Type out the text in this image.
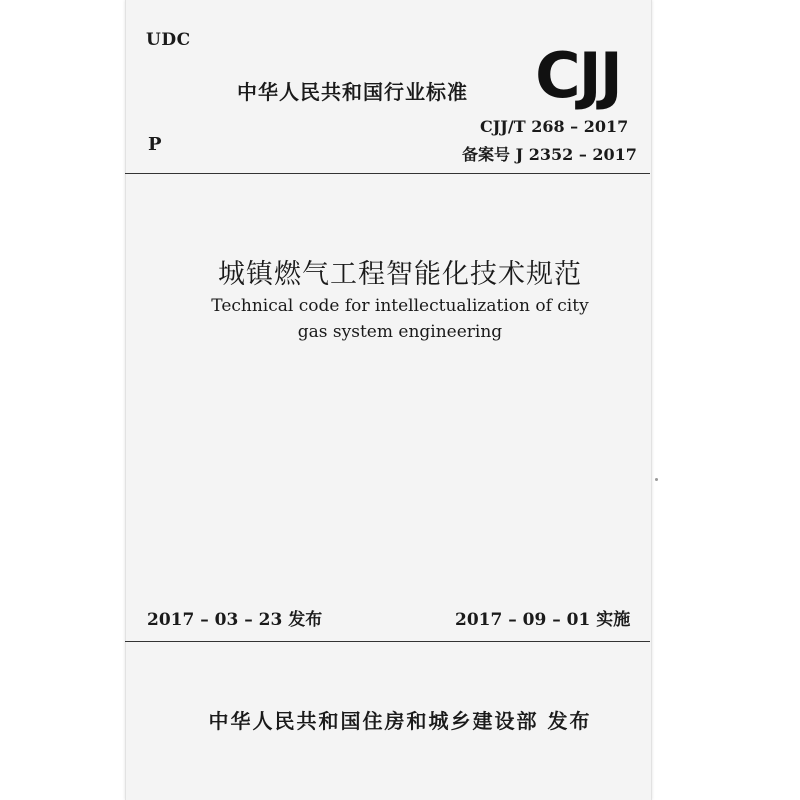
UDC
中华人民共和国行业标准 CJJ
P
CJJ/T 268 – 2017
备案号 J 2352 – 2017
城镇燃气工程智能化技术规范
Technical code for intellectualization of city
gas system engineering
2017 – 03 – 23 发布	2017 – 09 – 01 实施
中华人民共和国住房和城乡建设部 发布
